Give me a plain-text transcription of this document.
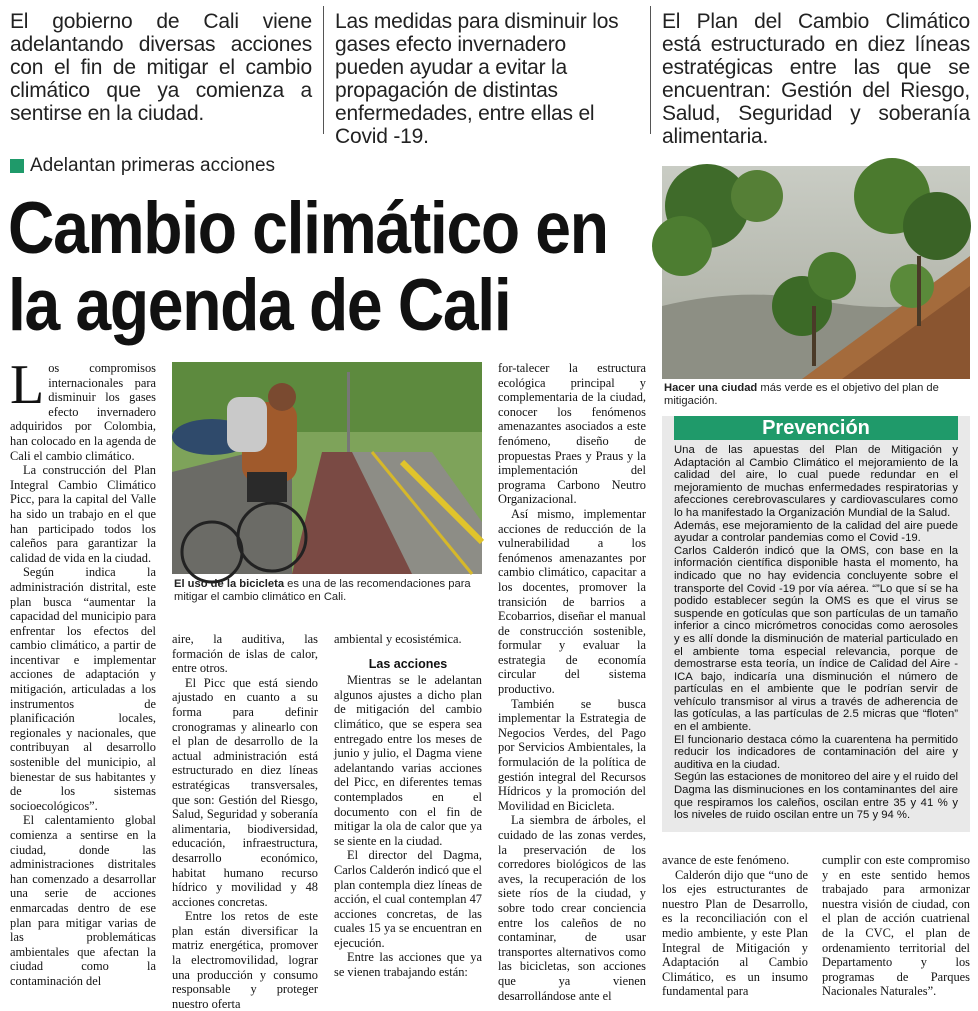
El gobierno de Cali viene adelantando diversas acciones con el fin de mitigar el cambio climático que ya comienza a sentirse en la ciudad.
Las medidas para disminuir los gases efecto invernadero pueden ayudar a evitar la propagación de distintas enfermedades, entre ellas el Covid -19.
El Plan del Cambio Climático está estructurado en diez líneas estratégicas entre las que se encuentran: Gestión del Riesgo, Salud, Seguridad y soberanía alimentaria.
Adelantan primeras acciones
Cambio climático en
la agenda de Cali
Hacer una ciudad más verde es el objetivo del plan de mitigación.
Prevención

Una de las apuestas del Plan de Mitigación y Adaptación al Cambio Climático el mejoramiento de la calidad del aire, lo cual puede redundar en el mejoramiento de muchas enfermedades respiratorias y afecciones cerebrovasculares y cardiovasculares como lo ha manifestado la Organización Mundial de la Salud.

Además, ese mejoramiento de la calidad del aire puede ayudar a controlar pandemias como el Covid -19.

Carlos Calderón indicó que la OMS, con base en la información científica disponible hasta el momento, ha indicado que no hay evidencia concluyente sobre el transporte del Covid -19 por vía aérea. “”Lo que sí se ha podido establecer según la OMS es que el virus se suspende en gotículas que son partículas de un tamaño inferior a cinco micrómetros conocidas como aerosoles y es allí donde la disminución de material particulado en el ambiente toma especial relevancia, porque de demostrarse esta teoría, un índice de Calidad del Aire - ICA bajo, indicaría una disminución el número de partículas en el ambiente que le podrían servir de vehículo transmisor al virus a través de adherencia de las gotículas, a las partículas de 2.5 micras que “floten” en el ambiente.

El funcionario destaca cómo la cuarentena ha permitido reducir los indicadores de contaminación del aire y auditiva en la ciudad.

Según las estaciones de monitoreo del aire y el ruido del Dagma las disminuciones en los contaminantes del aire que respiramos los caleños, oscilan entre 35 y 41 % y los niveles de ruido oscilan entre un 75 y 94 %.

L os compromisos internacionales para disminuir los gases efecto invernadero adquiridos por Colombia, han colocado en la agenda de Cali el cambio climático.

La construcción del Plan Integral Cambio Climático Picc, para la capital del Valle ha sido un trabajo en el que han participado todos los caleños para garantizar la calidad de vida en la ciudad.

Según indica la administración distrital, este plan busca “aumentar la capacidad del municipio para enfrentar los efectos del cambio climático, a partir de incentivar e implementar acciones de adaptación y mitigación, articuladas a los instrumentos de planificación locales, regionales y nacionales, que contribuyan al desarrollo sostenible del municipio, al bienestar de sus habitantes y de los sistemas socioecológicos”.

El calentamiento global comienza a sentirse en la ciudad, donde las administraciones distritales han comenzado a desarrollar una serie de acciones enmarcadas dentro de ese plan para mitigar varias de las problemáticas ambientales que afectan la ciudad como la contaminación del

El uso de la bicicleta es una de las recomendaciones para mitigar el cambio climático en Cali.

aire, la auditiva, las formación de islas de calor, entre otros.

El Picc que está siendo ajustado en cuanto a su forma para definir cronogramas y alinearlo con el plan de desarrollo de la actual administración está estructurado en diez líneas estratégicas transversales, que son: Gestión del Riesgo, Salud, Seguridad y soberanía alimentaria, biodiversidad, educación, infraestructura, desarrollo económico, habitat humano recurso hídrico y movilidad y 48 acciones concretas.

Entre los retos de este plan están diversificar la matriz energética, promover la electromovilidad, lograr una producción y consumo responsable y proteger nuestro oferta

ambiental y ecosistémica.

Las acciones

Mientras se le adelantan algunos ajustes a dicho plan de mitigación del cambio climático, que se espera sea entregado entre los meses de junio y julio, el Dagma viene adelantando varias acciones del Picc, en diferentes temas contemplados en el documento con el fin de mitigar la ola de calor que ya se siente en la ciudad.

El director del Dagma, Carlos Calderón indicó que el plan contempla diez líneas de acción, el cual contemplan 47 acciones concretas, de las cuales 15 ya se encuentran en ejecución.

Entre las acciones que ya se vienen trabajando están:

for-talecer la estructura ecológica principal y complementaria de la ciudad, conocer los fenómenos amenazantes asociados a este fenómeno, diseño de propuestas Praes y Praus y la implementación del programa Carbono Neutro Organizacional.

Así mismo, implementar acciones de reducción de la vulnerabilidad a los fenómenos amenazantes por cambio climático, capacitar a los docentes, promover la transición de barrios a Ecobarrios, diseñar el manual de construcción sostenible, formular y evaluar la estrategia de economía circular del sistema productivo.

También se busca implementar la Estrategia de Negocios Verdes, del Pago por Servicios Ambientales, la formulación de la política de gestión integral del Recursos Hídricos y la promoción del Movilidad en Bicicleta.

La siembra de árboles, el cuidado de las zonas verdes, la preservación de los corredores biológicos de las aves, la recuperación de los siete ríos de la ciudad, y sobre todo crear conciencia entre los caleños de no contaminar, de usar transportes alternativos como las bicicletas, son acciones que ya vienen desarrollándose ante el

avance de este fenómeno.

Calderón dijo que “uno de los ejes estructurantes de nuestro Plan de Desarrollo, es la reconciliación con el medio ambiente, y este Plan Integral de Mitigación y Adaptación al Cambio Climático, es un insumo fundamental para

cumplir con este compromiso y en este sentido hemos trabajado para armonizar nuestra visión de ciudad, con el plan de acción cuatrienal de la CVC, el plan de ordenamiento territorial del Departamento y los programas de Parques Nacionales Naturales”.
